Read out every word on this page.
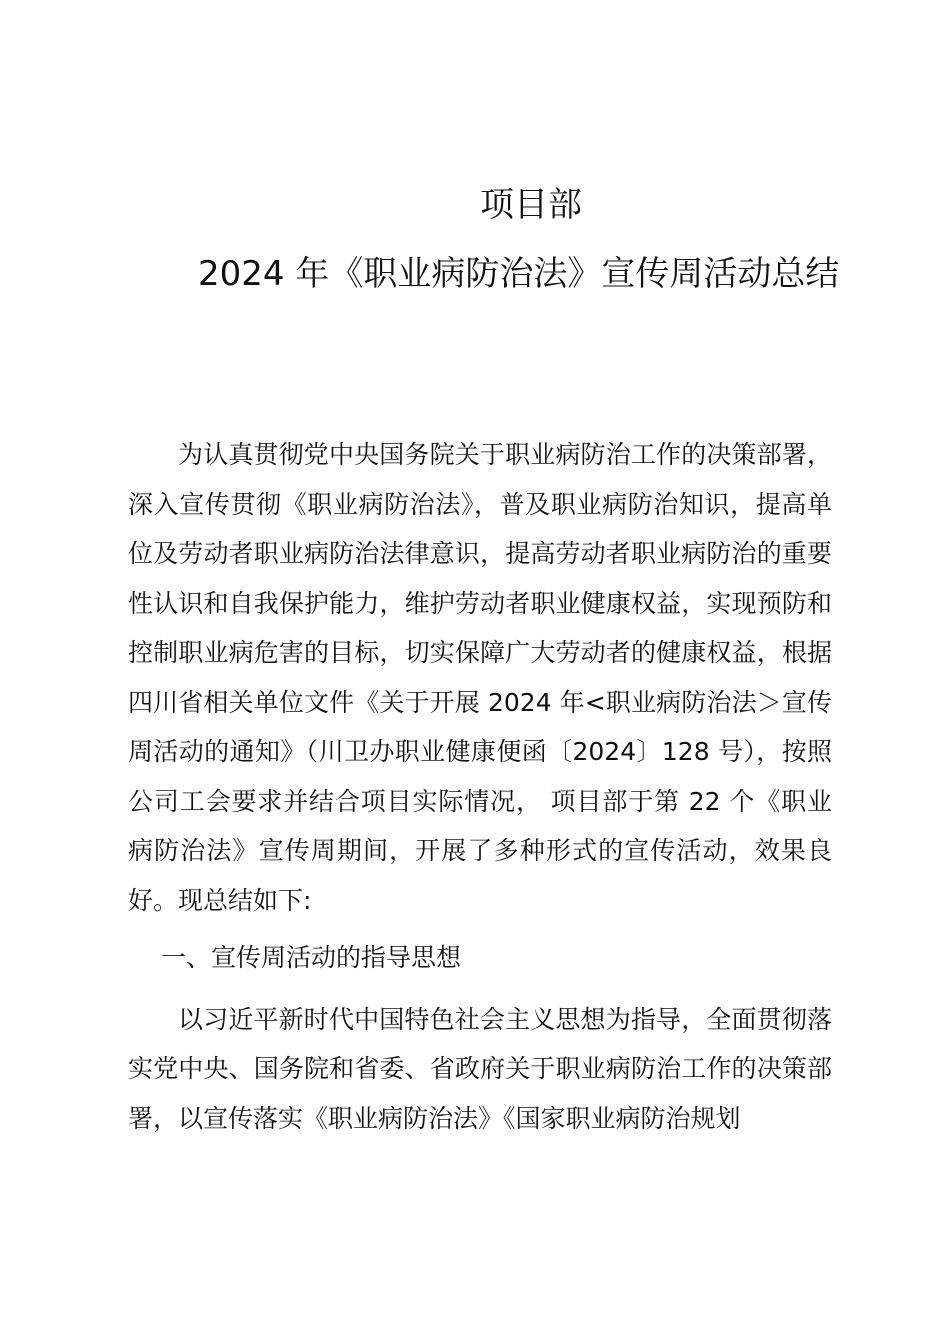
项目部
2024 年《职业病防治法》宣传周活动总结

为认真贯彻党中央国务院关于职业病防治工作的决策部署，深入宣传贯彻《职业病防治法》，普及职业病防治知识，提高单位及劳动者职业病防治法律意识，提高劳动者职业病防治的重要性认识和自我保护能力，维护劳动者职业健康权益，实现预防和控制职业病危害的目标，切实保障广大劳动者的健康权益，根据四川省相关单位文件《关于开展 2024 年<职业病防治法＞宣传周活动的通知》（川卫办职业健康便函〔2024〕128 号），按照公司工会要求并结合项目实际情况， 项目部于第 22 个《职业病防治法》宣传周期间，开展了多种形式的宣传活动，效果良好。现总结如下:

一、宣传周活动的指导思想

以习近平新时代中国特色社会主义思想为指导，全面贯彻落实党中央、国务院和省委、省政府关于职业病防治工作的决策部署，以宣传落实《职业病防治法》《国家职业病防治规划
